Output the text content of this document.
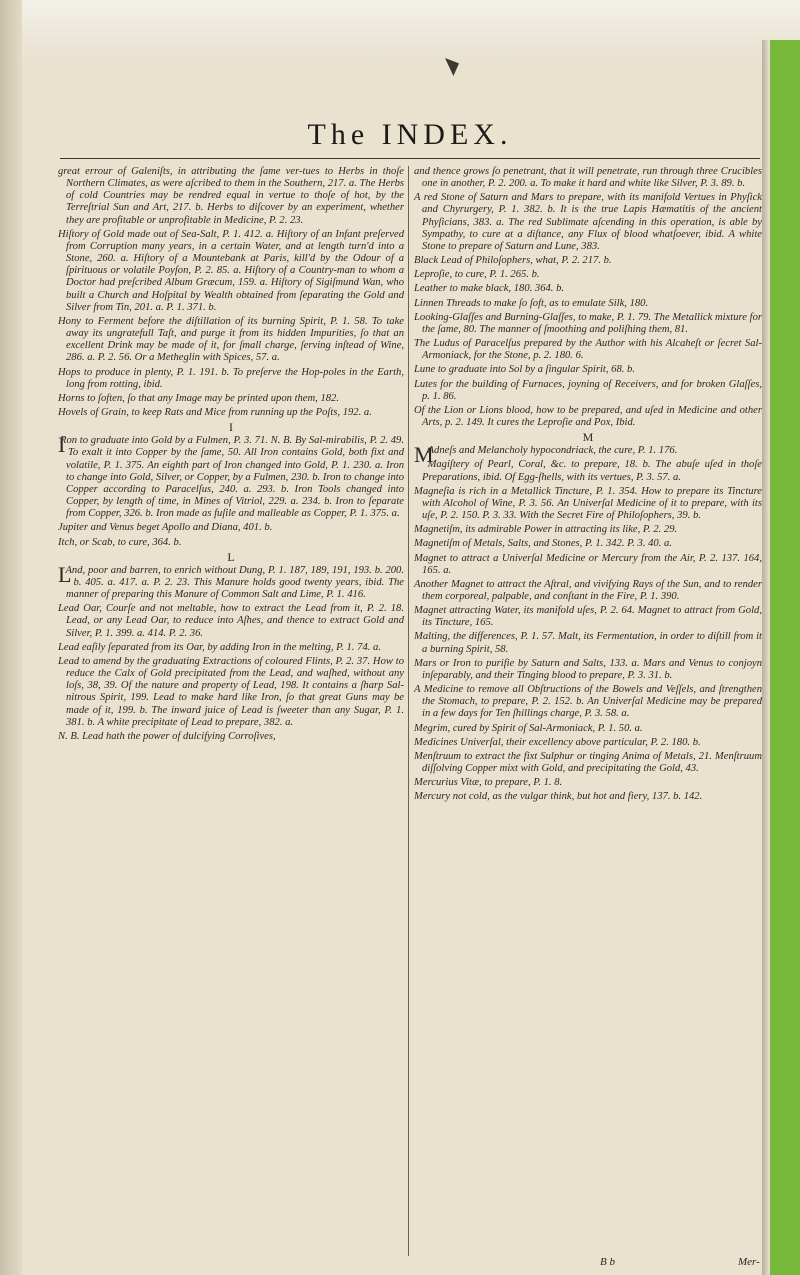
The INDEX.

great errour of Galeniſts, in attributing the ſame ver-tues to Herbs in thoſe Northern Climates, as were aſcribed to them in the Southern, 217. a. The Herbs of cold Countries may be rendred equal in vertue to thoſe of hot, by the Terreſtrial Sun and Art, 217. b. Herbs to diſcover by an experiment, whether they are profitable or unprofitable in Medicine, P. 2. 23.

Hiſtory of Gold made out of Sea-Salt, P. 1. 412. a. Hiſtory of an Infant preſerved from Corruption many years, in a certain Water, and at length turn'd into a Stone, 260. a. Hiſtory of a Mountebank at Paris, kill'd by the Odour of a ſpirituous or volatile Poyſon, P. 2. 85. a. Hiſtory of a Country-man to whom a Doctor had preſcribed Album Græcum, 159. a. Hiſtory of Sigiſmund Wan, who built a Church and Hoſpital by Wealth obtained from ſeparating the Gold and Silver from Tin, 201. a. P. 1. 371. b.

Hony to Ferment before the diſtillation of its burning Spirit, P. 1. 58. To take away its ungratefull Taſt, and purge it from its hidden Impurities, ſo that an excellent Drink may be made of it, for ſmall charge, ſerving inſtead of Wine, 286. a. P. 2. 56. Or a Metheglin with Spices, 57. a.

Hops to produce in plenty, P. 1. 191. b. To preſerve the Hop-poles in the Earth, long from rotting, ibid.

Horns to ſoften, ſo that any Image may be printed upon them, 182.

Hovels of Grain, to keep Rats and Mice from running up the Poſts, 192. a.

I

IRon to graduate into Gold by a Fulmen, P. 3. 71. N. B. By Sal-mirabilis, P. 2. 49. To exalt it into Copper by the ſame, 50. All Iron contains Gold, both fixt and volatile, P. 1. 375. An eighth part of Iron changed into Gold, P. 1. 230. a. Iron to change into Gold, Silver, or Copper, by a Fulmen, 230. b. Iron to change into Copper according to Paracelſus, 240. a. 293. b. Iron Tools changed into Copper, by length of time, in Mines of Vitriol, 229. a. 234. b. Iron to ſeparate from Copper, 326. b. Iron made as fuſile and malleable as Copper, P. 1. 375. a.

Jupiter and Venus beget Apollo and Diana, 401. b.

Itch, or Scab, to cure, 364. b.

L

LAnd, poor and barren, to enrich without Dung, P. 1. 187, 189, 191, 193. b. 200. b. 405. a. 417. a. P. 2. 23. This Manure holds good twenty years, ibid. The manner of preparing this Manure of Common Salt and Lime, P. 1. 416.

Lead Oar, Courſe and not meltable, how to extract the Lead from it, P. 2. 18. Lead, or any Lead Oar, to reduce into Aſhes, and thence to extract Gold and Silver, P. 1. 399. a. 414. P. 2. 36.

Lead eaſily ſeparated from its Oar, by adding Iron in the melting, P. 1. 74. a.

Lead to amend by the graduating Extractions of coloured Flints, P. 2. 37. How to reduce the Calx of Gold precipitated from the Lead, and waſhed, without any loſs, 38, 39. Of the nature and property of Lead, 198. It contains a ſharp Sal-nitrous Spirit, 199. Lead to make hard like Iron, ſo that great Guns may be made of it, 199. b. The inward juice of Lead is ſweeter than any Sugar, P. 1. 381. b. A white precipitate of Lead to prepare, 382. a.

N. B. Lead hath the power of dulcifying Corroſives,

and thence grows ſo penetrant, that it will penetrate, run through three Crucibles one in another, P. 2. 200. a. To make it hard and white like Silver, P. 3. 89. b.

A red Stone of Saturn and Mars to prepare, with its manifold Vertues in Phyſick and Chyrurgery, P. 1. 382. b. It is the true Lapis Hæmatitis of the ancient Phyſicians, 383. a. The red Sublimate aſcending in this operation, is able by Sympathy, to cure at a diſtance, any Flux of blood whatſoever, ibid. A white Stone to prepare of Saturn and Lune, 383.

Black Lead of Philoſophers, what, P. 2. 217. b.

Leproſie, to cure, P. 1. 265. b.

Leather to make black, 180. 364. b.

Linnen Threads to make ſo ſoft, as to emulate Silk, 180.

Looking-Glaſſes and Burning-Glaſſes, to make, P. 1. 79. The Metallick mixture for the ſame, 80. The manner of ſmoothing and poliſhing them, 81.

The Ludus of Paracelſus prepared by the Author with his Alcaheſt or ſecret Sal-Armoniack, for the Stone, p. 2. 180. 6.

Lune to graduate into Sol by a ſingular Spirit, 68. b.

Lutes for the building of Furnaces, joyning of Receivers, and for broken Glaſſes, p. 1. 86.

Of the Lion or Lions blood, how to be prepared, and uſed in Medicine and other Arts, p. 2. 149. It cures the Leproſie and Pox, Ibid.

M

MAdneſs and Melancholy hypocondriack, the cure, P. 1. 176.

Magiſtery of Pearl, Coral, &c. to prepare, 18. b. The abuſe uſed in thoſe Preparations, ibid. Of Egg-ſhells, with its vertues, P. 3. 57. a.

Magneſia is rich in a Metallick Tincture, P. 1. 354. How to prepare its Tincture with Alcohol of Wine, P. 3. 56. An Univerſal Medicine of it to prepare, with its uſe, P. 2. 150. P. 3. 33. With the Secret Fire of Philoſophers, 39. b.

Magnetiſm, its admirable Power in attracting its like, P. 2. 29.

Magnetiſm of Metals, Salts, and Stones, P. 1. 342. P. 3. 40. a.

Magnet to attract a Univerſal Medicine or Mercury from the Air, P. 2. 137. 164, 165. a.

Another Magnet to attract the Aſtral, and vivifying Rays of the Sun, and to render them corporeal, palpable, and conſtant in the Fire, P. 1. 390.

Magnet attracting Water, its manifold uſes, P. 2. 64. Magnet to attract from Gold, its Tincture, 165.

Malting, the differences, P. 1. 57. Malt, its Fermentation, in order to diſtill from it a burning Spirit, 58.

Mars or Iron to purifie by Saturn and Salts, 133. a. Mars and Venus to conjoyn inſeparably, and their Tinging blood to prepare, P. 3. 31. b.

A Medicine to remove all Obſtructions of the Bowels and Veſſels, and ſtrengthen the Stomach, to prepare, P. 2. 152. b. An Univerſal Medicine may be prepared in a few days for Ten ſhillings charge, P. 3. 58. a.

Megrim, cured by Spirit of Sal-Armoniack, P. 1. 50. a.

Medicines Univerſal, their excellency above particular, P. 2. 180. b.

Menſtruum to extract the fixt Sulphur or tinging Anima of Metals, 21. Menſtruum diſſolving Copper mixt with Gold, and precipitating the Gold, 43.

Mercurius Vitæ, to prepare, P. 1. 8.

Mercury not cold, as the vulgar think, but hot and fiery, 137. b. 142.

B b	Mer-
